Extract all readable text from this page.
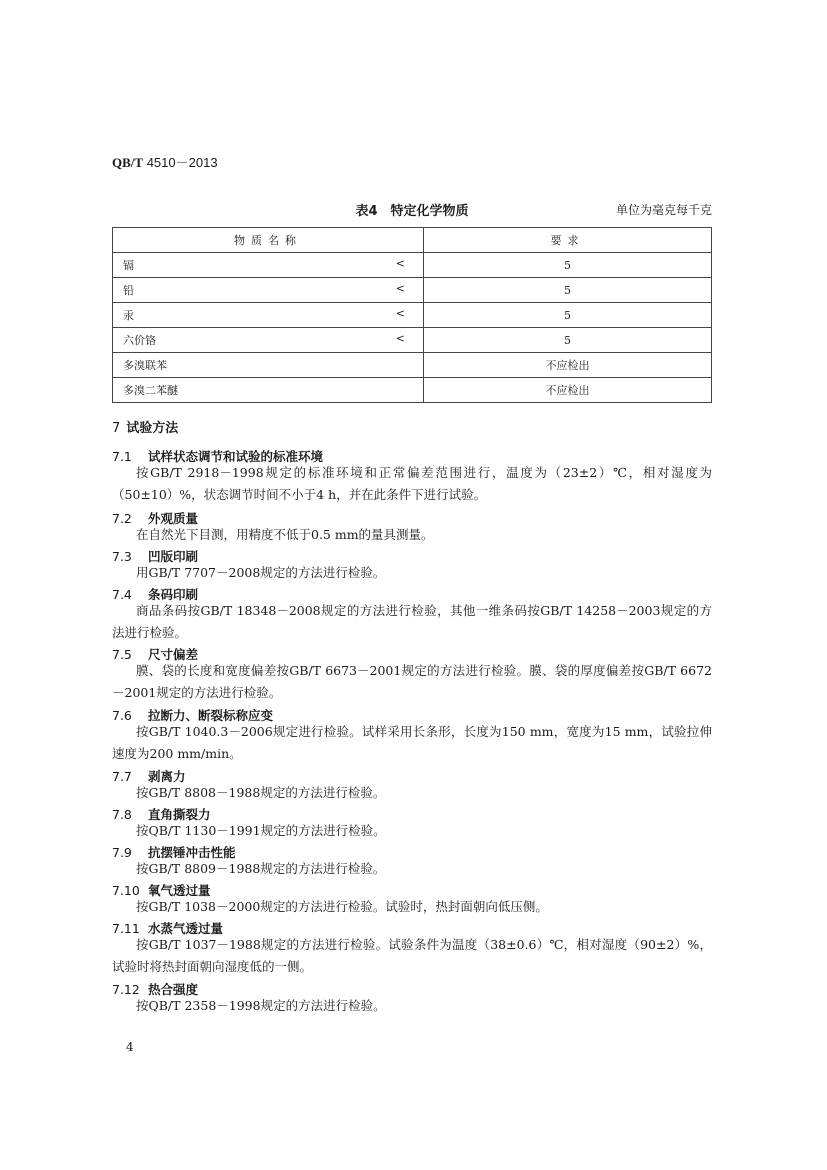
QB/T 4510－2013
表4　特定化学物质	单位为毫克每千克
物质名称	要求

镉 <	5

铅 <	5

汞 <	5

六价铬 <	5

多溴联苯	不应检出

多溴二苯醚	不应检出
7 试验方法
7.1 试样状态调节和试验的标准环境
按GB/T 2918－1998规定的标准环境和正常偏差范围进行，温度为（23±2）℃，相对湿度为（50±10）%，状态调节时间不小于4 h，并在此条件下进行试验。
7.2 外观质量
在自然光下目测，用精度不低于0.5 mm的量具测量。
7.3 凹版印刷
用GB/T 7707－2008规定的方法进行检验。
7.4 条码印刷
商品条码按GB/T 18348－2008规定的方法进行检验，其他一维条码按GB/T 14258－2003规定的方法进行检验。
7.5 尺寸偏差
膜、袋的长度和宽度偏差按GB/T 6673－2001规定的方法进行检验。膜、袋的厚度偏差按GB/T 6672－2001规定的方法进行检验。
7.6 拉断力、断裂标称应变
按GB/T 1040.3－2006规定进行检验。试样采用长条形，长度为150 mm，宽度为15 mm，试验拉伸速度为200 mm/min。
7.7 剥离力
按GB/T 8808－1988规定的方法进行检验。
7.8 直角撕裂力
按QB/T 1130－1991规定的方法进行检验。
7.9 抗摆锤冲击性能
按GB/T 8809－1988规定的方法进行检验。
7.10 氧气透过量
按GB/T 1038－2000规定的方法进行检验。试验时，热封面朝向低压侧。
7.11 水蒸气透过量
按GB/T 1037－1988规定的方法进行检验。试验条件为温度（38±0.6）℃，相对湿度（90±2）%，试验时将热封面朝向湿度低的一侧。
7.12 热合强度
按QB/T 2358－1998规定的方法进行检验。
4
